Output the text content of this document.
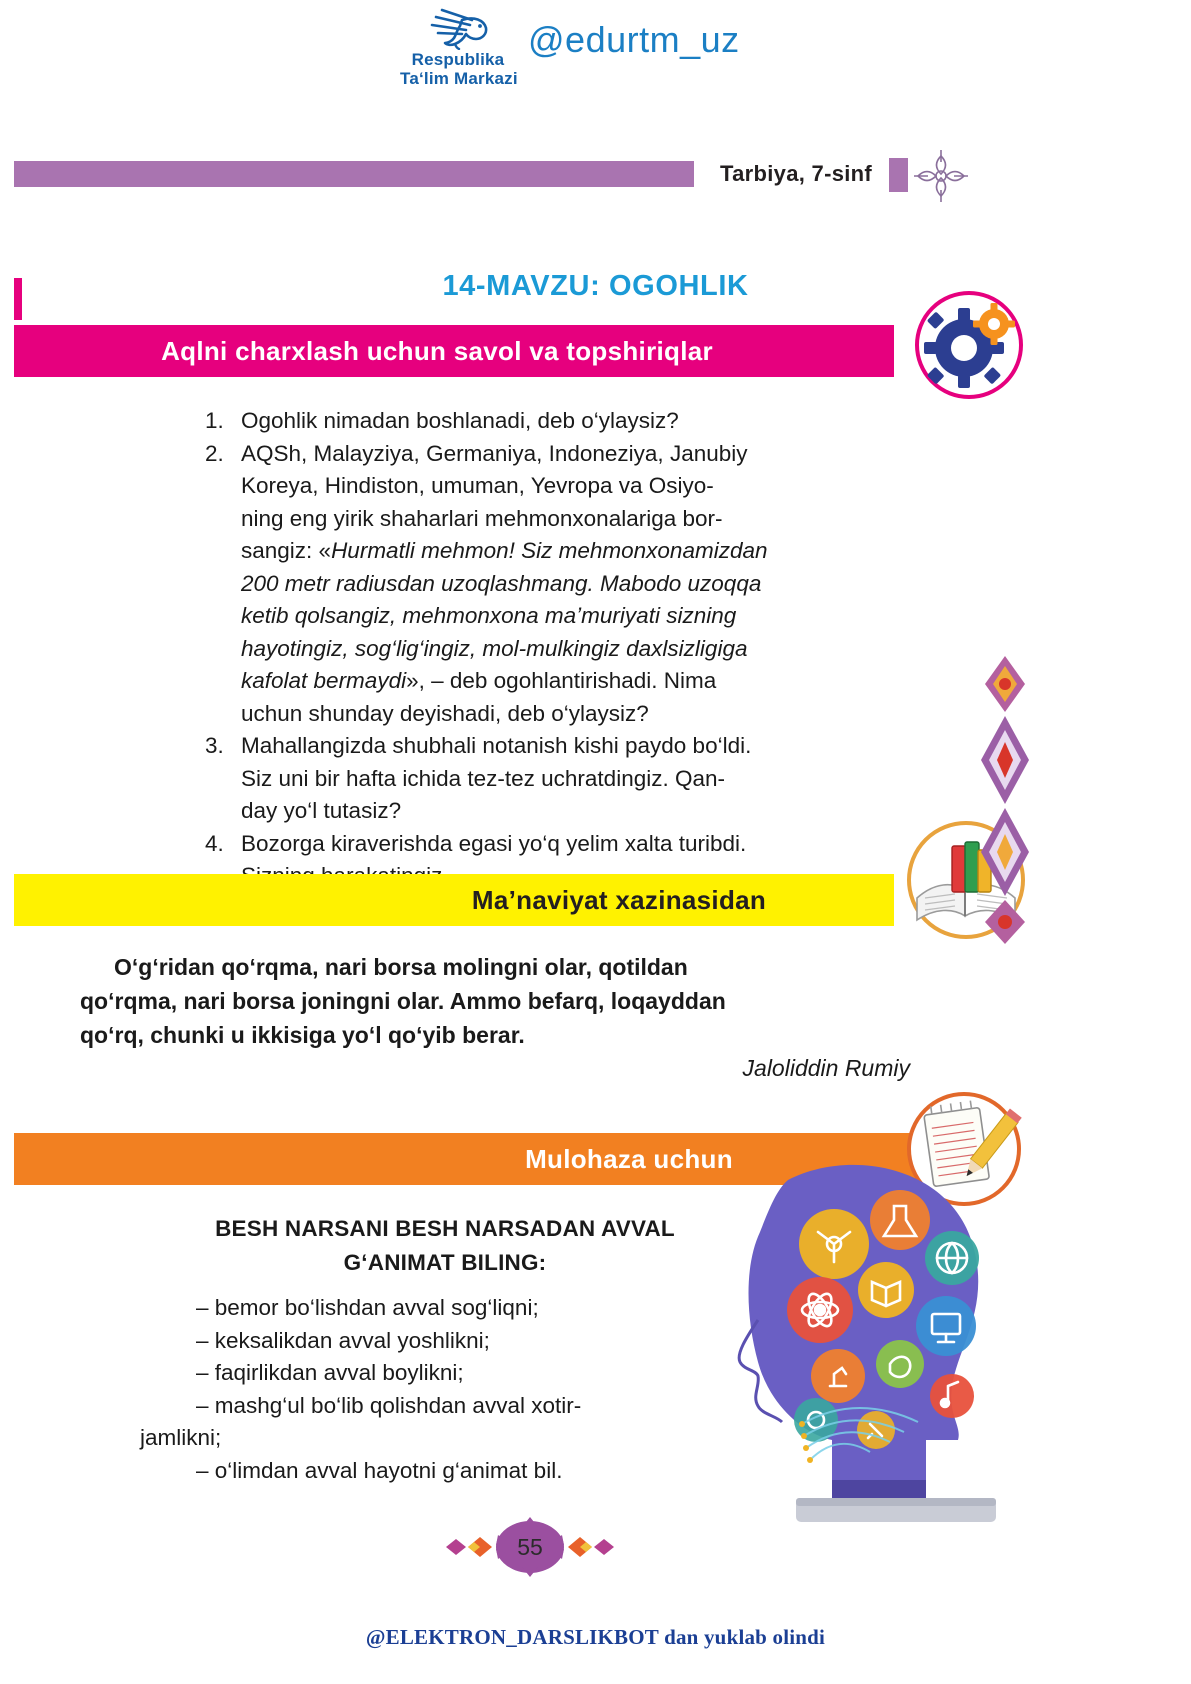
Respublika
Ta‘lim Markazi
@edurtm_uz
Tarbiya, 7-sinf
14-MAVZU: OGOHLIK
Aqlni charxlash uchun savol va topshiriqlar
1. Ogohlik nimadan boshlanadi, deb o‘ylaysiz?
2. AQSh, Malayziya, Germaniya, Indoneziya, Janubiy
Koreya, Hindiston, umuman, Yevropa va Osiyo-
ning eng yirik shaharlari mehmonxonalariga bor-
sangiz: «Hurmatli mehmon! Siz mehmonxonamizdan
200 metr radiusdan uzoqlashmang. Mabodo uzoqqa
ketib qolsangiz, mehmonxona ma’muriyati sizning
hayotingiz, sog‘lig‘ingiz, mol-mulkingiz daxlsizligiga
kafolat bermaydi», – deb ogohlantirishadi. Nima
uchun shunday deyishadi, deb o‘ylaysiz?
3. Mahallangizda shubhali notanish kishi paydo bo‘ldi.
Siz uni bir hafta ichida tez-tez uchratdingiz. Qan-
day yo‘l tutasiz?
4. Bozorga kiraverishda egasi yo‘q yelim xalta turibdi.
Ma’naviyat xazinasidan
O‘g‘ridan qo‘rqma, nari borsa molingni olar, qotildan
qo‘rqma, nari borsa joningni olar. Ammo befarq, loqayddan
qo‘rq, chunki u ikkisiga yo‘l qo‘yib berar.
Jaloliddin Rumiy
Mulohaza uchun
BESH NARSANI BESH NARSADAN AVVAL
G‘ANIMAT BILING:
– bemor bo‘lishdan avval sog‘liqni;
– keksalikdan avval yoshlikni;
– faqirlikdan avval boylikni;
– mashg‘ul bo‘lib qolishdan avval xotir-
jamlikni;
– o‘limdan avval hayotni g‘animat bil.
55
@ELEKTRON_DARSLIKBOT dan yuklab olindi
